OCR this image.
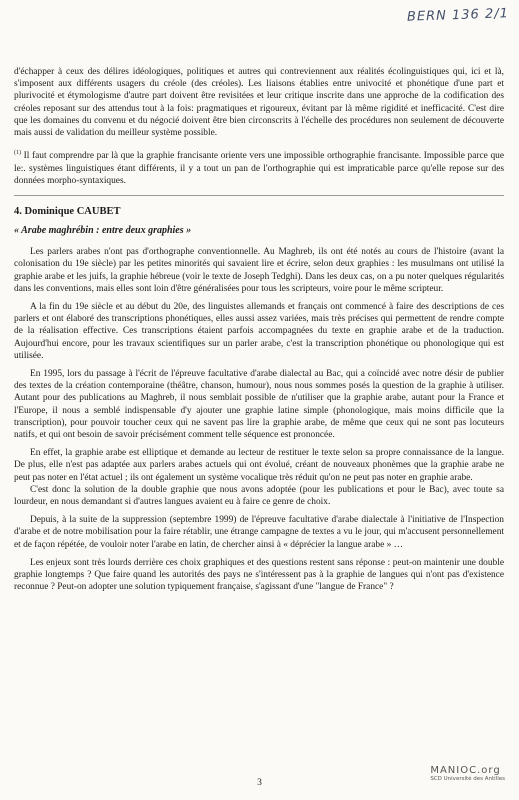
BERN 136 2/1

d'échapper à ceux des délires idéologiques, politiques et autres qui contreviennent aux réalités écolinguistiques qui, ici et là, s'imposent aux différents usagers du créole (des créoles). Les liaisons établies entre univocité et phonétique d'une part et plurivocité et étymologisme d'autre part doivent être revisitées et leur critique inscrite dans une approche de la codification des créoles reposant sur des attendus tout à la fois: pragmatiques et rigoureux, évitant par là même rigidité et inefficacité. C'est dire que les domaines du convenu et du négocié doivent être bien circonscrits à l'échelle des procédures non seulement de découverte mais aussi de validation du meilleur système possible.

$^{(1)}$ Il faut comprendre par là que la graphie francisante oriente vers une impossible orthographie francisante. Impossible parce que le:. systèmes linguistiques étant différents, il y a tout un pan de l'orthographie qui est impraticable parce qu'elle repose sur des données morpho-syntaxiques.

4. Dominique CAUBET

« Arabe maghrébin : entre deux graphies »

Les parlers arabes n'ont pas d'orthographe conventionnelle. Au Maghreb, ils ont été notés au cours de l'histoire (avant la colonisation du 19e siècle) par les petites minorités qui savaient lire et écrire, selon deux graphies : les musulmans ont utilisé la graphie arabe et les juifs, la graphie hébreue (voir le texte de Joseph Tedghi). Dans les deux cas, on a pu noter quelques régularités dans les conventions, mais elles sont loin d'être généralisées pour tous les scripteurs, voire pour le même scripteur.

A la fin du 19e siècle et au début du 20e, des linguistes allemands et français ont commencé à faire des descriptions de ces parlers et ont élaboré des transcriptions phonétiques, elles aussi assez variées, mais très précises qui permettent de rendre compte de la réalisation effective. Ces transcriptions étaient parfois accompagnées du texte en graphie arabe et de la traduction. Aujourd'hui encore, pour les travaux scientifiques sur un parler arabe, c'est la transcription phonétique ou phonologique qui est utilisée.

En 1995, lors du passage à l'écrit de l'épreuve facultative d'arabe dialectal au Bac, qui a coïncidé avec notre désir de publier des textes de la création contemporaine (théâtre, chanson, humour), nous nous sommes posés la question de la graphie à utiliser. Autant pour des publications au Maghreb, il nous semblait possible de n'utiliser que la graphie arabe, autant pour la France et l'Europe, il nous a semblé indispensable d'y ajouter une graphie latine simple (phonologique, mais moins difficile que la transcription), pour pouvoir toucher ceux qui ne savent pas lire la graphie arabe, de même que ceux qui ne sont pas locuteurs natifs, et qui ont besoin de savoir précisément comment telle séquence est prononcée.

En effet, la graphie arabe est elliptique et demande au lecteur de restituer le texte selon sa propre connaissance de la langue. De plus, elle n'est pas adaptée aux parlers arabes actuels qui ont évolué, créant de nouveaux phonèmes que la graphie arabe ne peut pas noter en l'état actuel ; ils ont également un système vocalique très réduit qu'on ne peut pas noter en graphie arabe.

C'est donc la solution de la double graphie que nous avons adoptée (pour les publications et pour le Bac), avec toute sa lourdeur, en nous demandant si d'autres langues avaient eu à faire ce genre de choix.

Depuis, à la suite de la suppression (septembre 1999) de l'épreuve facultative d'arabe dialectale à l'initiative de l'Inspection d'arabe et de notre mobilisation pour la faire rétablir, une étrange campagne de textes a vu le jour, qui m'accusent personnellement et de façon répétée, de vouloir noter l'arabe en latin, de chercher ainsi à « déprécier la langue arabe » …

Les enjeux sont très lourds derrière ces choix graphiques et des questions restent sans réponse : peut-on maintenir une double graphie longtemps ? Que faire quand les autorités des pays ne s'intéressent pas à la graphie de langues qui n'ont pas d'existence reconnue ? Peut-on adopter une solution typiquement française, s'agissant d'une "langue de France" ?

3
MANIOC.org
SCD Université des Antilles
